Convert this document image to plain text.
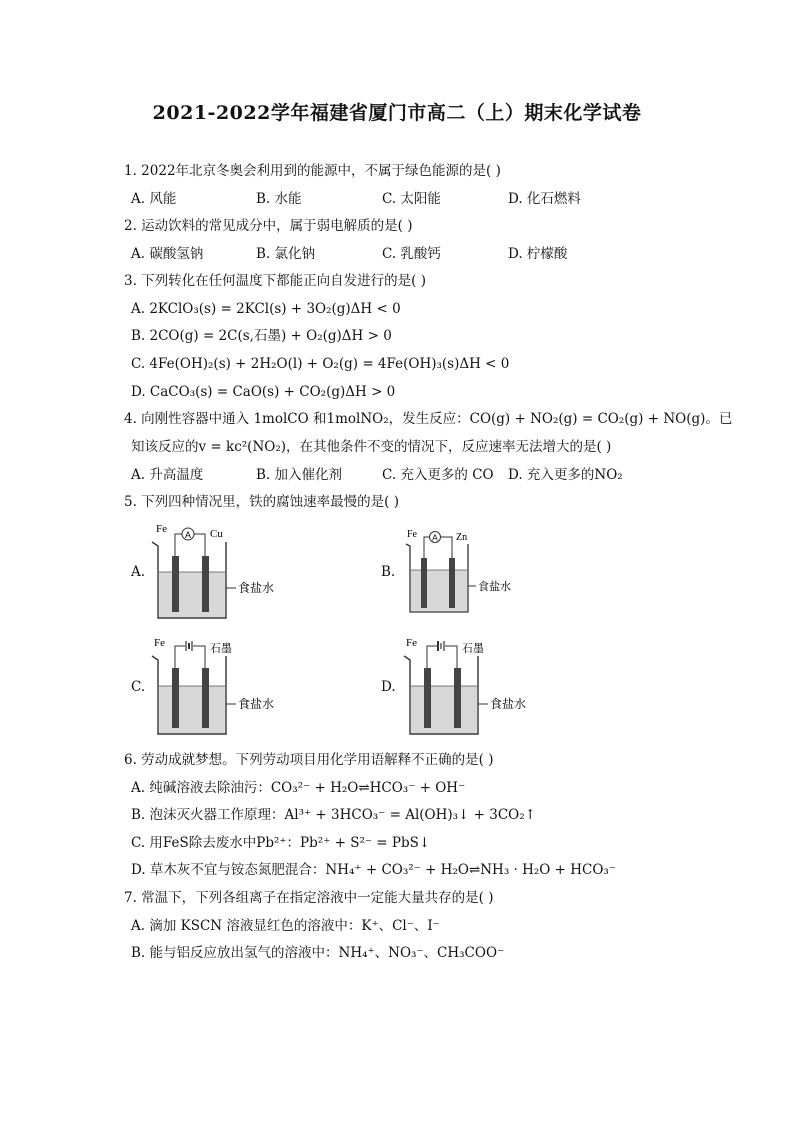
2021-2022学年福建省厦门市高二（上）期末化学试卷
1. 2022年北京冬奥会利用到的能源中，不属于绿色能源的是( )
A. 风能	B. 水能	C. 太阳能	D. 化石燃料
2. 运动饮料的常见成分中，属于弱电解质的是( )
A. 碳酸氢钠	B. 氯化钠	C. 乳酸钙	D. 柠檬酸
3. 下列转化在任何温度下都能正向自发进行的是( )
A. 2KClO₃(s) = 2KCl(s) + 3O₂(g)ΔH < 0
B. 2CO(g) = 2C(s,石墨) + O₂(g)ΔH > 0
C. 4Fe(OH)₂(s) + 2H₂O(l) + O₂(g) = 4Fe(OH)₃(s)ΔH < 0
D. CaCO₃(s) = CaO(s) + CO₂(g)ΔH > 0
4. 向刚性容器中通入 1molCO 和1molNO₂，发生反应：CO(g) + NO₂(g) = CO₂(g) + NO(g)。已
知该反应的v = kc²(NO₂)，在其他条件不变的情况下，反应速率无法增大的是( )
A. 升高温度	B. 加入催化剂	C. 充入更多的 CO D. 充入更多的NO₂
5. 下列四种情况里，铁的腐蚀速率最慢的是( )
A.
A
Fe	Cu
食盐水
B.
A
Fe	Zn
食盐水
C.
Fe	石墨
食盐水
D.
Fe	石墨
食盐水
6. 劳动成就梦想。下列劳动项目用化学用语解释不正确的是( )
A. 纯碱溶液去除油污：CO₃²⁻ + H₂O⇌HCO₃⁻ + OH⁻
B. 泡沫灭火器工作原理：Al³⁺ + 3HCO₃⁻ = Al(OH)₃↓ + 3CO₂↑
C. 用FeS除去废水中Pb²⁺：Pb²⁺ + S²⁻ = PbS↓
D. 草木灰不宜与铵态氮肥混合：NH₄⁺ + CO₃²⁻ + H₂O⇌NH₃ · H₂O + HCO₃⁻
7. 常温下，下列各组离子在指定溶液中一定能大量共存的是( )
A. 滴加 KSCN 溶液显红色的溶液中：K⁺、Cl⁻、I⁻
B. 能与铝反应放出氢气的溶液中：NH₄⁺、NO₃⁻、CH₃COO⁻
